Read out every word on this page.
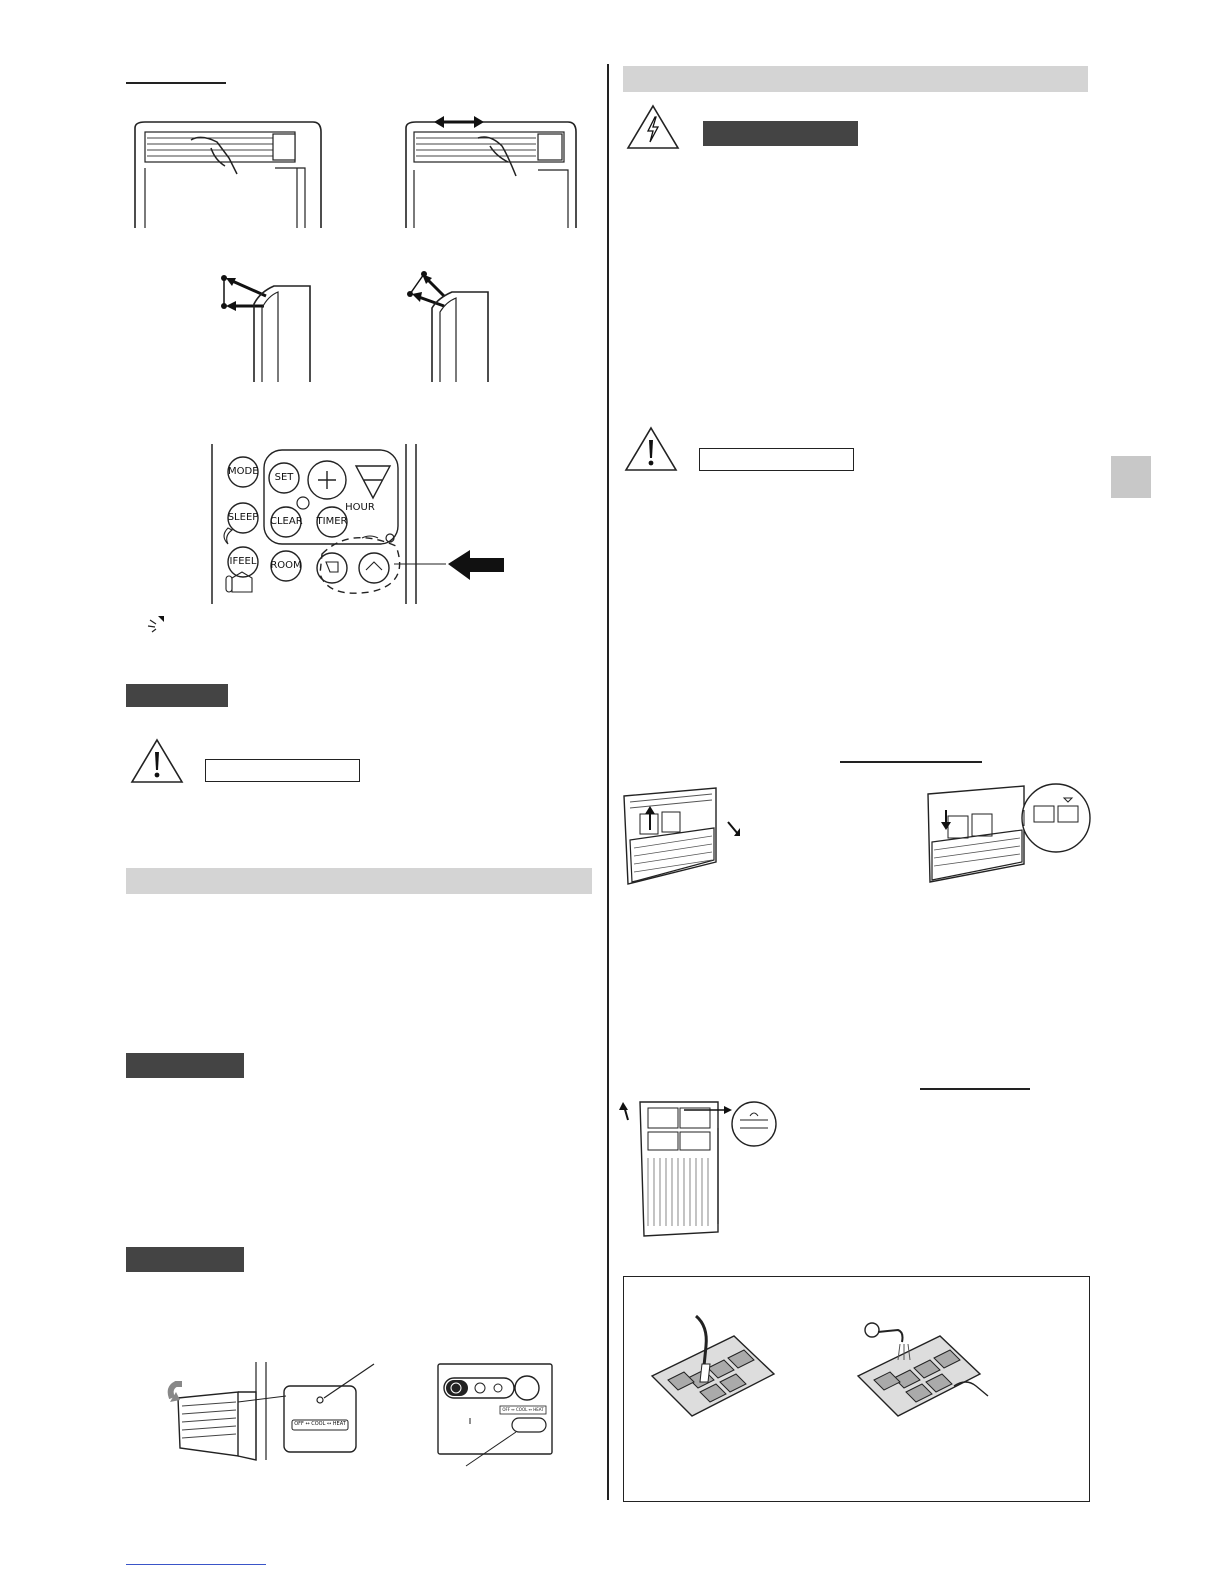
MODE
SET
SLEEP CLEAR TIMER
HOUR
IFEEL	ROOM
OFF ↔ COOL ↔ HEAT
OFF ↔ COOL ↔ HEAT
